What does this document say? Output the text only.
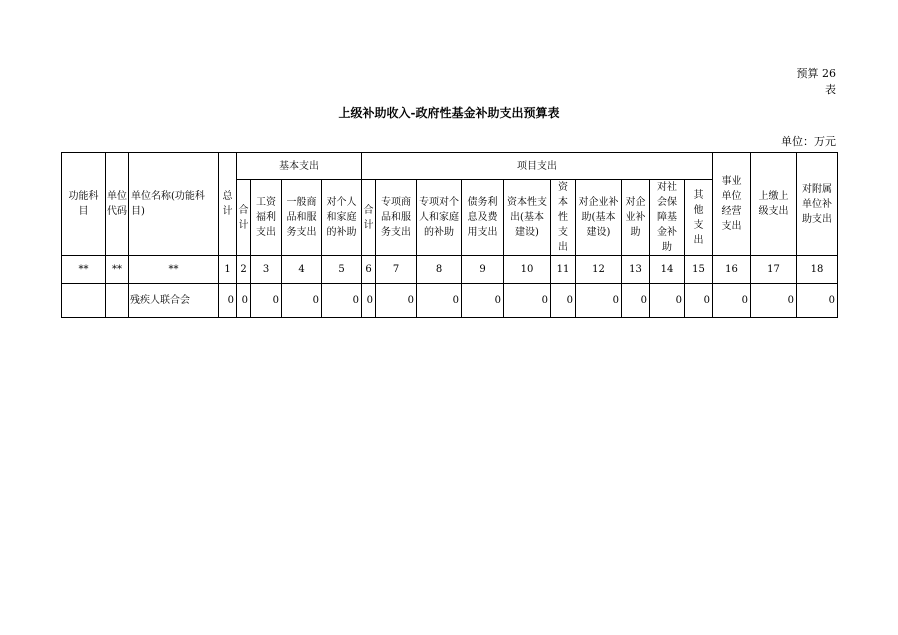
预算 26
表
上级补助收入-政府性基金补助支出预算表
单位：万元
功能科目	单位代码	单位名称(功能科目)	总计	基本支出				项目支出										事业单位经营支出	上缴上级支出	对附属单位补助支出
				合计	工资福利支出	一般商品和服务支出	对个人和家庭的补助	合计	专项商品和服务支出	专项对个人和家庭的补助	债务利息及费用支出	资本性支出(基本建设)	资本性支出	对企业补助(基本建设)	对企业补助	对社会保障基金补助	其他支出			
**	**	**	1	2	3	4	5	6	7	8	9	10	11	12	13	14	15	16	17	18
		残疾人联合会	0	0	0	0	0	0	0	0	0	0	0	0	0	0	0	0	0	0
